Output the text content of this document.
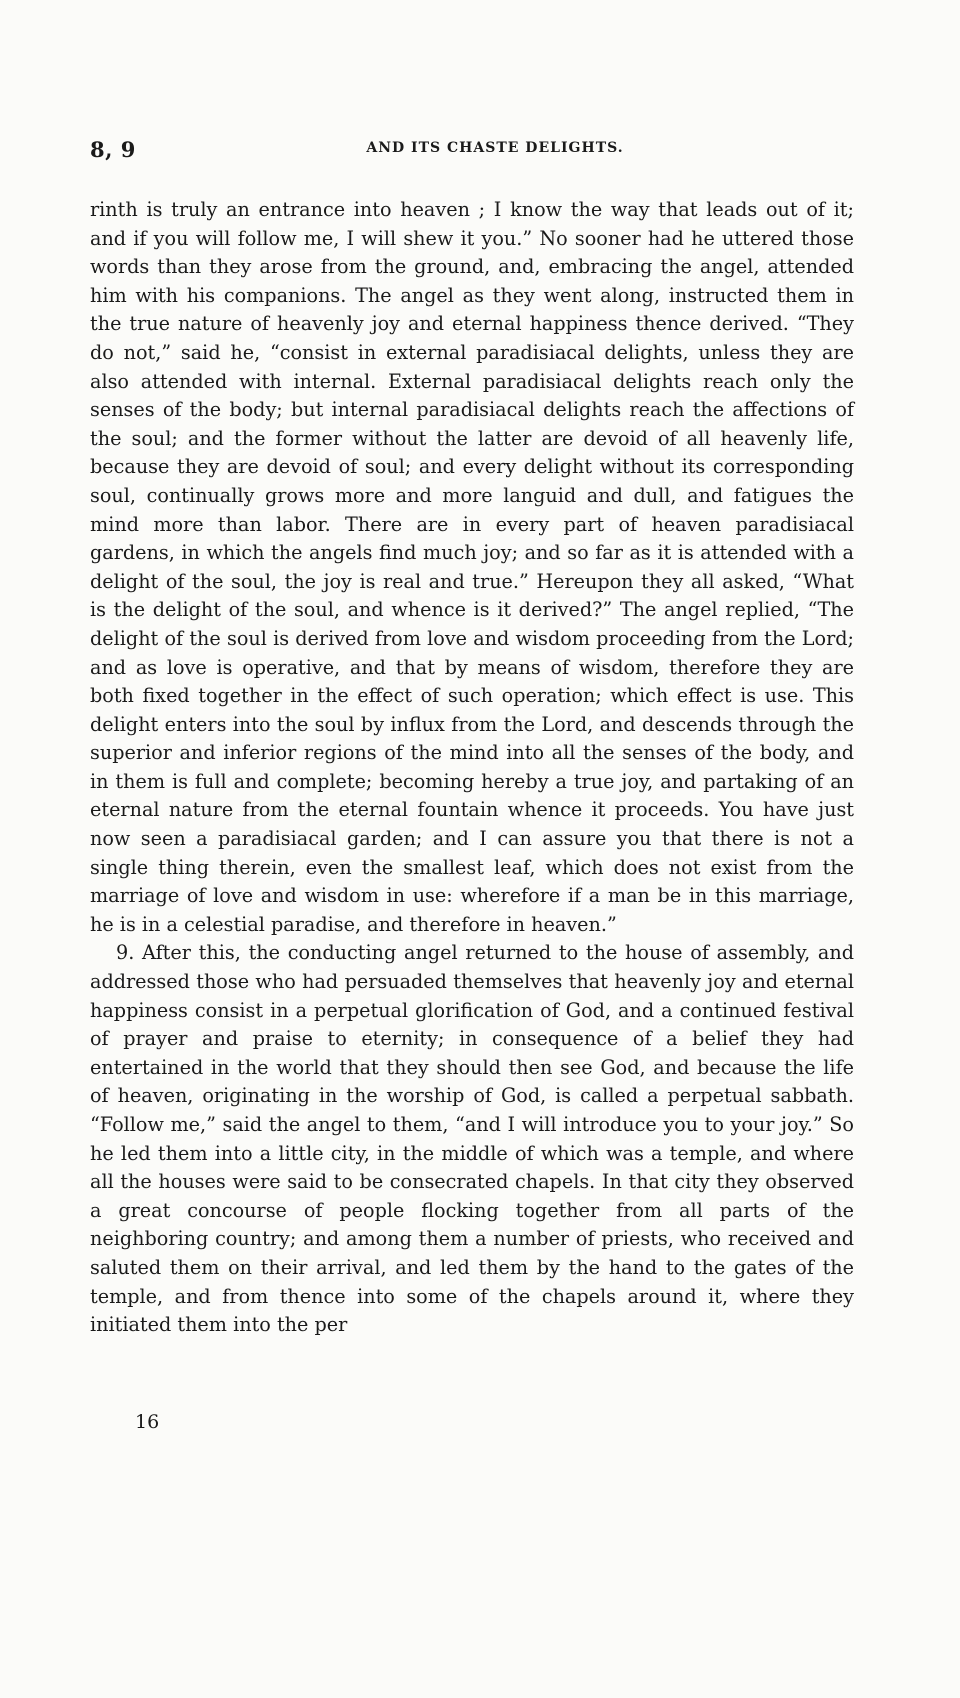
8, 9	AND ITS CHASTE DELIGHTS.

rinth is truly an entrance into heaven ; I know the way that leads out of it; and if you will follow me, I will shew it you.” No sooner had he uttered those words than they arose from the ground, and, embracing the angel, attended him with his companions. The angel as they went along, instructed them in the true nature of heavenly joy and eternal happiness thence derived. “They do not,” said he, “consist in external paradisiacal delights, unless they are also attended with internal. External paradisiacal delights reach only the senses of the body; but internal paradisiacal delights reach the affections of the soul; and the former without the latter are devoid of all heavenly life, because they are devoid of soul; and every delight without its corresponding soul, continually grows more and more languid and dull, and fatigues the mind more than labor. There are in every part of heaven paradisiacal gardens, in which the angels find much joy; and so far as it is attended with a delight of the soul, the joy is real and true.” Hereupon they all asked, “What is the delight of the soul, and whence is it derived?” The angel replied, “The delight of the soul is derived from love and wisdom proceeding from the Lord; and as love is operative, and that by means of wisdom, therefore they are both fixed together in the effect of such operation; which effect is use. This delight enters into the soul by influx from the Lord, and descends through the superior and inferior regions of the mind into all the senses of the body, and in them is full and complete; becoming hereby a true joy, and partaking of an eternal nature from the eternal fountain whence it proceeds. You have just now seen a paradisiacal garden; and I can assure you that there is not a single thing therein, even the smallest leaf, which does not exist from the marriage of love and wisdom in use: wherefore if a man be in this marriage, he is in a celestial paradise, and therefore in heaven.”

9. After this, the conducting angel returned to the house of assembly, and addressed those who had persuaded themselves that heavenly joy and eternal happiness consist in a perpetual glorification of God, and a continued festival of prayer and praise to eternity; in consequence of a belief they had entertained in the world that they should then see God, and because the life of heaven, originating in the worship of God, is called a perpetual sabbath. “Follow me,” said the angel to them, “and I will introduce you to your joy.” So he led them into a little city, in the middle of which was a temple, and where all the houses were said to be consecrated chapels. In that city they observed a great concourse of people flocking together from all parts of the neighboring country; and among them a number of priests, who received and saluted them on their arrival, and led them by the hand to the gates of the temple, and from thence into some of the chapels around it, where they initiated them into the per

16
